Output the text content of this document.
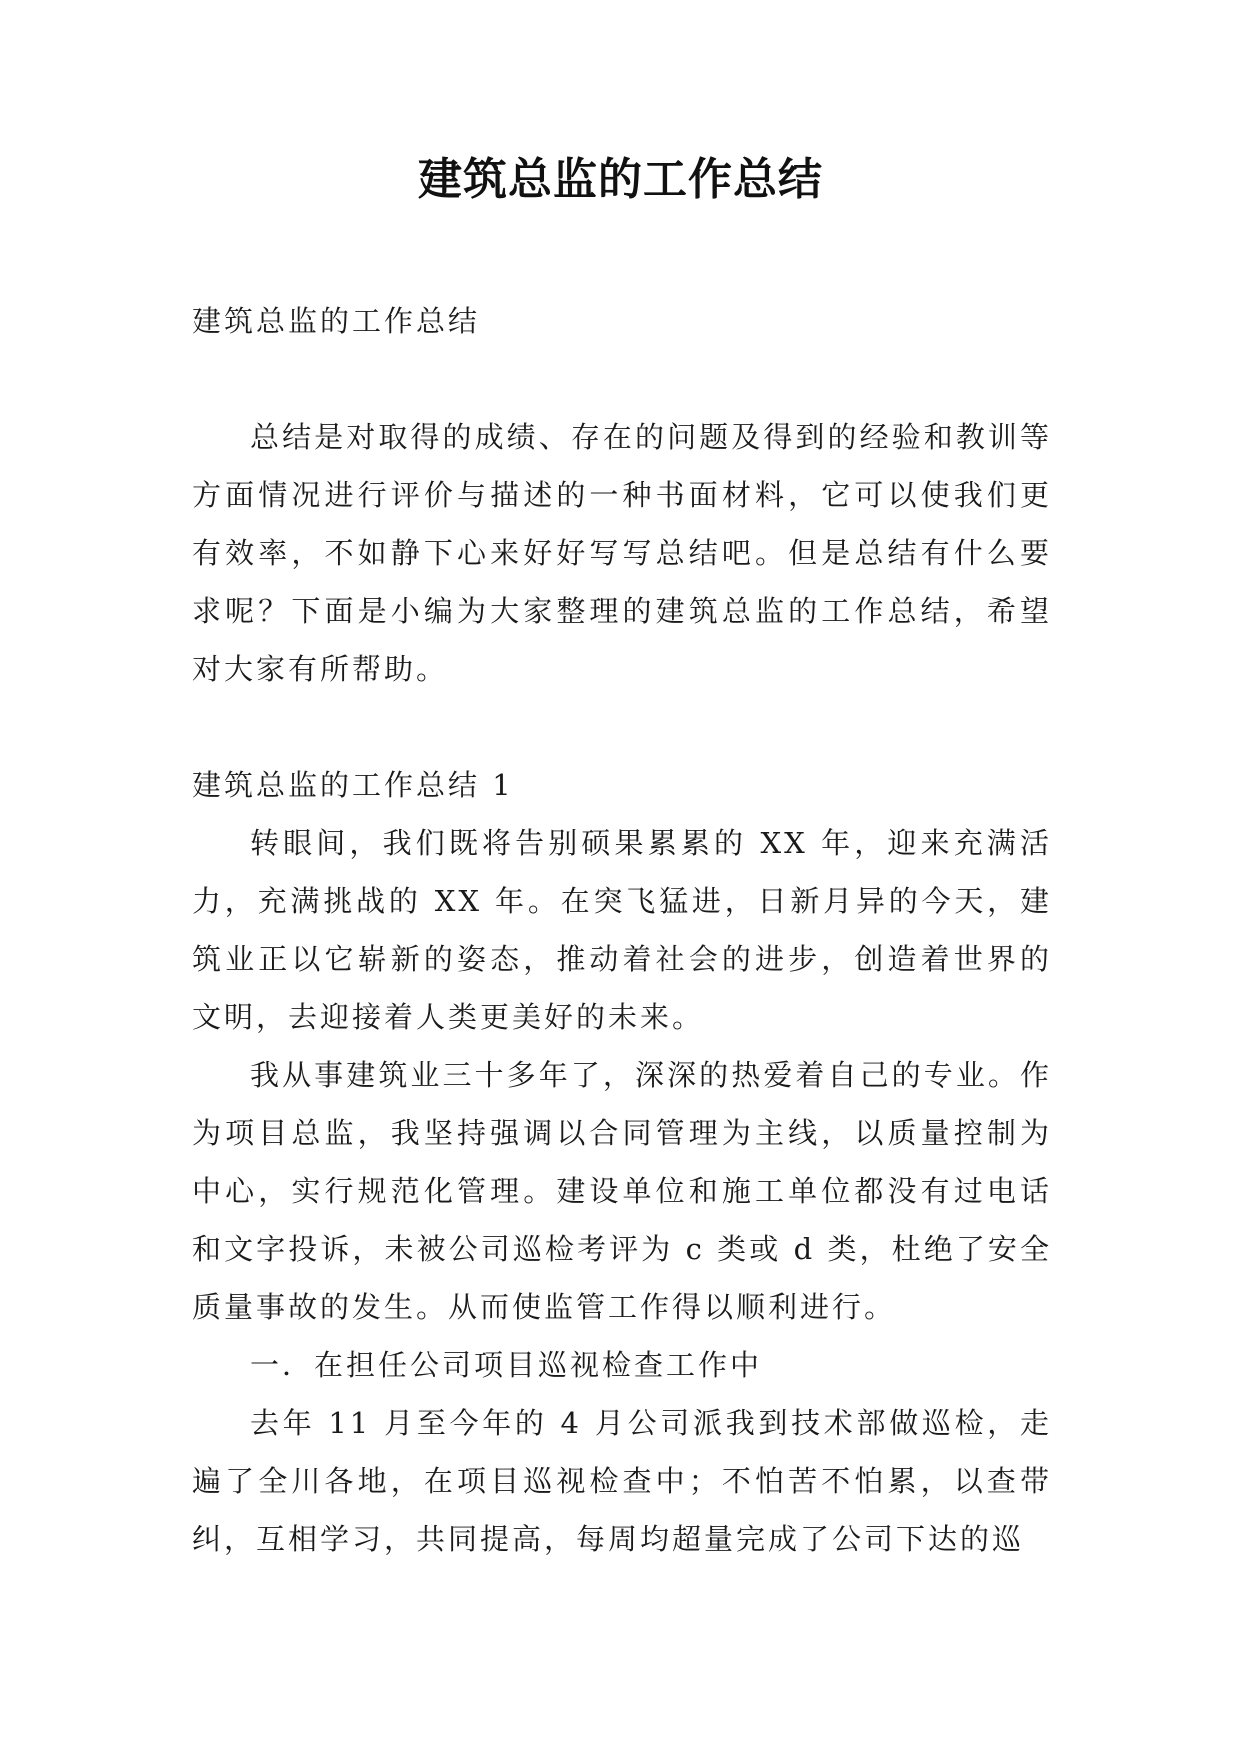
建筑总监的工作总结

建筑总监的工作总结

总结是对取得的成绩、存在的问题及得到的经验和教训等方面情况进行评价与描述的一种书面材料，它可以使我们更有效率，不如静下心来好好写写总结吧。但是总结有什么要求呢？下面是小编为大家整理的建筑总监的工作总结，希望对大家有所帮助。

建筑总监的工作总结 1

转眼间，我们既将告别硕果累累的 XX 年，迎来充满活力，充满挑战的 XX 年。在突飞猛进，日新月异的今天，建筑业正以它崭新的姿态，推动着社会的进步，创造着世界的文明，去迎接着人类更美好的未来。

我从事建筑业三十多年了，深深的热爱着自己的专业。作为项目总监，我坚持强调以合同管理为主线，以质量控制为中心，实行规范化管理。建设单位和施工单位都没有过电话和文字投诉，未被公司巡检考评为 c 类或 d 类，杜绝了安全质量事故的发生。从而使监管工作得以顺利进行。

一．在担任公司项目巡视检查工作中

去年 11 月至今年的 4 月公司派我到技术部做巡检，走遍了全川各地，在项目巡视检查中；不怕苦不怕累，以查带纠，互相学习，共同提高，每周均超量完成了公司下达的巡
